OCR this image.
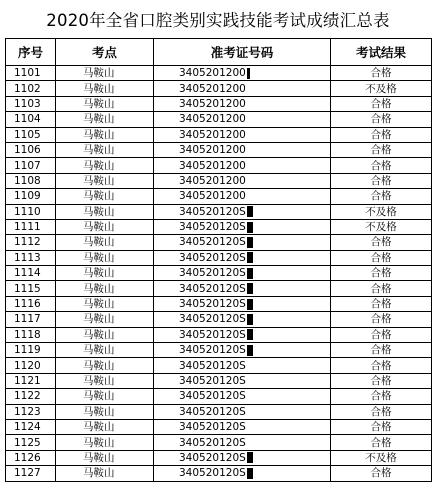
2020年全省口腔类别实践技能考试成绩汇总表
序号	考点	准考证号码	考试结果
1101	马鞍山	3405201200	合格
1102	马鞍山	3405201200	不及格
1103	马鞍山	3405201200	合格
1104	马鞍山	3405201200	合格
1105	马鞍山	3405201200	合格
1106	马鞍山	3405201200	合格
1107	马鞍山	3405201200	合格
1108	马鞍山	3405201200	合格
1109	马鞍山	3405201200	合格
1110	马鞍山	340520120S	不及格
1111	马鞍山	340520120S	不及格
1112	马鞍山	340520120S	合格
1113	马鞍山	340520120S	合格
1114	马鞍山	340520120S	合格
1115	马鞍山	340520120S	合格
1116	马鞍山	340520120S	合格
1117	马鞍山	340520120S	合格
1118	马鞍山	340520120S	合格
1119	马鞍山	340520120S	合格
1120	马鞍山	340520120S	合格
1121	马鞍山	340520120S	合格
1122	马鞍山	340520120S	合格
1123	马鞍山	340520120S	合格
1124	马鞍山	340520120S	合格
1125	马鞍山	340520120S	合格
1126	马鞍山	340520120S	不及格
1127	马鞍山	340520120S	合格
